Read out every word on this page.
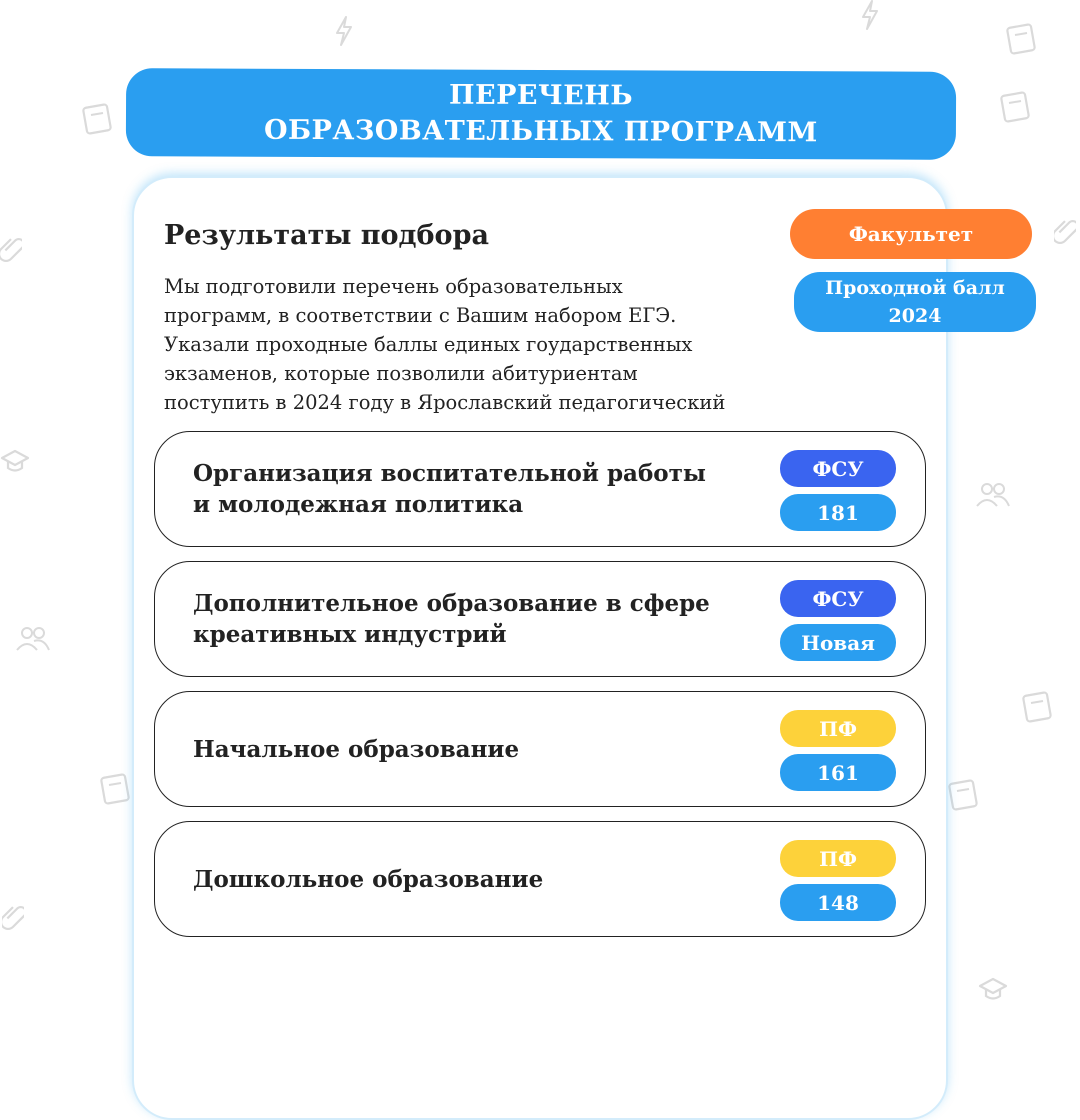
ПЕРЕЧЕНЬ
ОБРАЗОВАТЕЛЬНЫХ ПРОГРАММ
Результаты подбора
Мы подготовили перечень образовательных
программ, в соответствии с Вашим набором ЕГЭ.
Указали проходные баллы единых гоударственных
экзаменов, которые позволили абитуриентам
поступить в 2024 году в Ярославский педагогический
Факультет
Проходной балл
2024
Организация воспитательной работы
и молодежная политика
ФСУ
181
Дополнительное образование в сфере
креативных индустрий
ФСУ
Новая
Начальное образование
ПФ
161
Дошкольное образование
ПФ
148
